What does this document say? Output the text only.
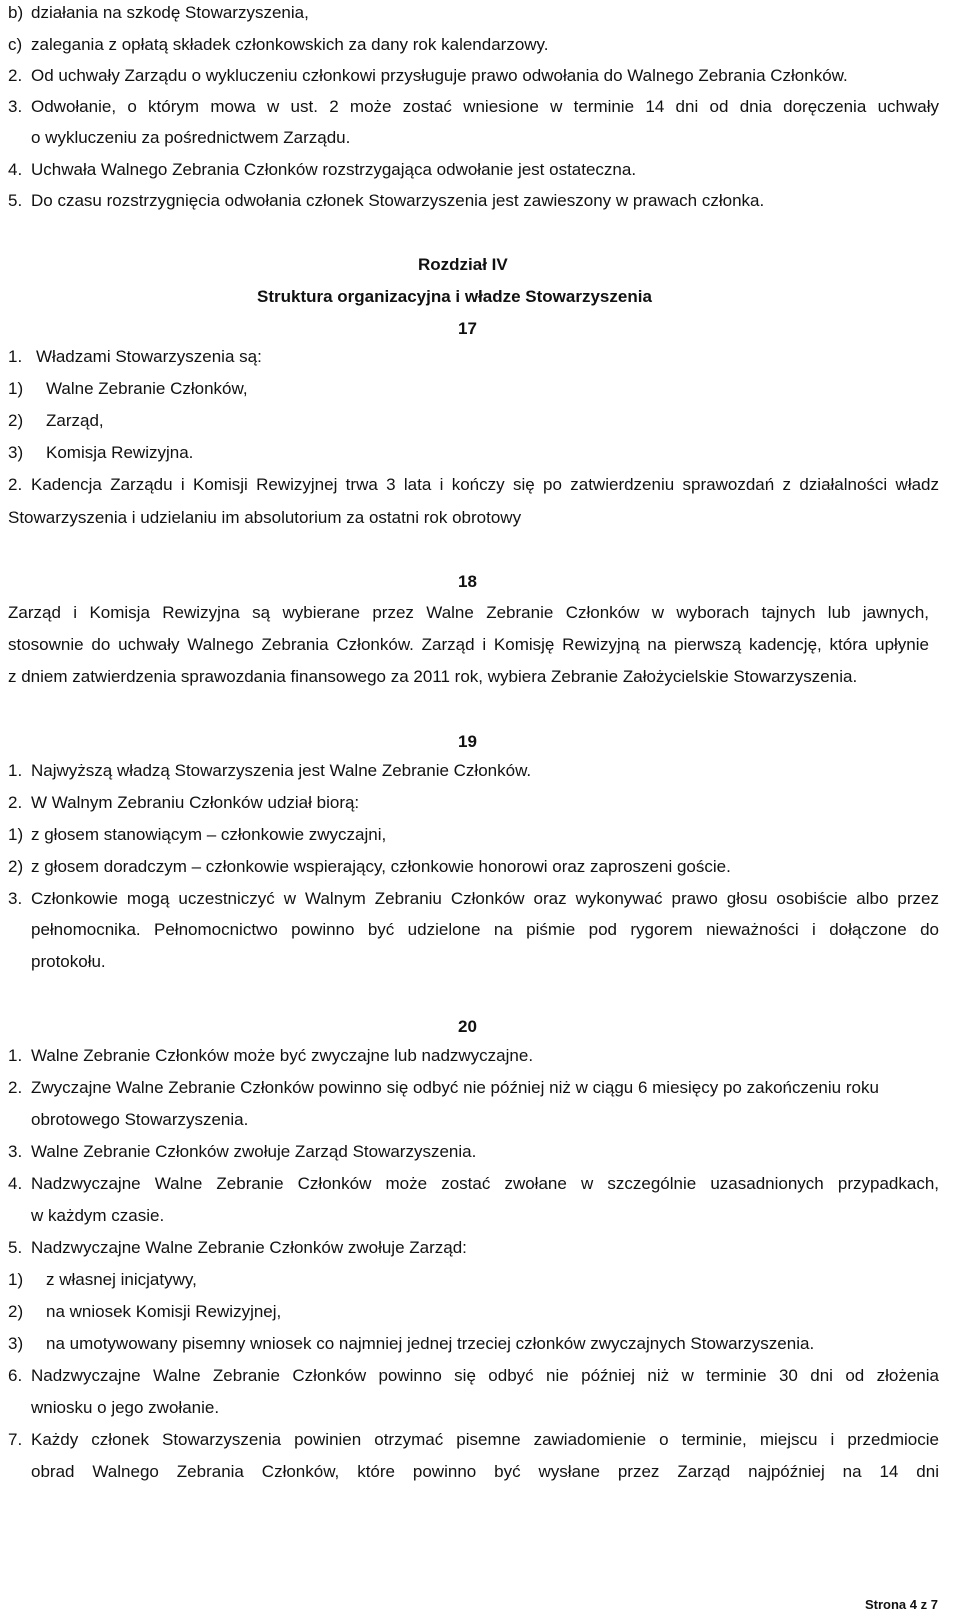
b) działania na szkodę Stowarzyszenia,
c) zalegania z opłatą składek członkowskich za dany rok kalendarzowy.
2. Od uchwały Zarządu o wykluczeniu członkowi przysługuje prawo odwołania do Walnego Zebrania Członków.
3. Odwołanie, o którym mowa w ust. 2 może zostać wniesione w terminie 14 dni od dnia doręczenia uchwały
o wykluczeniu za pośrednictwem Zarządu.
4. Uchwała Walnego Zebrania Członków rozstrzygająca odwołanie jest ostateczna.
5. Do czasu rozstrzygnięcia odwołania członek Stowarzyszenia jest zawieszony w prawach członka.
Rozdział IV
Struktura organizacyjna i władze Stowarzyszenia
17
1. Władzami Stowarzyszenia są:
1) Walne Zebranie Członków,
2) Zarząd,
3) Komisja Rewizyjna.
2. Kadencja Zarządu i Komisji Rewizyjnej trwa 3 lata i kończy się po zatwierdzeniu sprawozdań z działalności władz
Stowarzyszenia i udzielaniu im absolutorium za ostatni rok obrotowy
18
Zarząd i Komisja Rewizyjna są wybierane przez Walne Zebranie Członków w wyborach tajnych lub jawnych,
stosownie do uchwały Walnego Zebrania Członków. Zarząd i Komisję Rewizyjną na pierwszą kadencję, która upłynie
z dniem zatwierdzenia sprawozdania finansowego za 2011 rok, wybiera Zebranie Założycielskie Stowarzyszenia.
19
1. Najwyższą władzą Stowarzyszenia jest Walne Zebranie Członków.
2. W Walnym Zebraniu Członków udział biorą:
1) z głosem stanowiącym – członkowie zwyczajni,
2) z głosem doradczym – członkowie wspierający, członkowie honorowi oraz zaproszeni goście.
3. Członkowie mogą uczestniczyć w Walnym Zebraniu Członków oraz wykonywać prawo głosu osobiście albo przez
pełnomocnika. Pełnomocnictwo powinno być udzielone na piśmie pod rygorem nieważności i dołączone do
protokołu.
20
1. Walne Zebranie Członków może być zwyczajne lub nadzwyczajne.
2. Zwyczajne Walne Zebranie Członków powinno się odbyć nie później niż w ciągu 6 miesięcy po zakończeniu roku
obrotowego Stowarzyszenia.
3. Walne Zebranie Członków zwołuje Zarząd Stowarzyszenia.
4. Nadzwyczajne Walne Zebranie Członków może zostać zwołane w szczególnie uzasadnionych przypadkach,
w każdym czasie.
5. Nadzwyczajne Walne Zebranie Członków zwołuje Zarząd:
1) z własnej inicjatywy,
2) na wniosek Komisji Rewizyjnej,
3) na umotywowany pisemny wniosek co najmniej jednej trzeciej członków zwyczajnych Stowarzyszenia.
6. Nadzwyczajne Walne Zebranie Członków powinno się odbyć nie później niż w terminie 30 dni od złożenia
wniosku o jego zwołanie.
7. Każdy członek Stowarzyszenia powinien otrzymać pisemne zawiadomienie o terminie, miejscu i przedmiocie
obrad Walnego Zebrania Członków, które powinno być wysłane przez Zarząd najpóźniej na 14 dni
Strona 4 z 7
